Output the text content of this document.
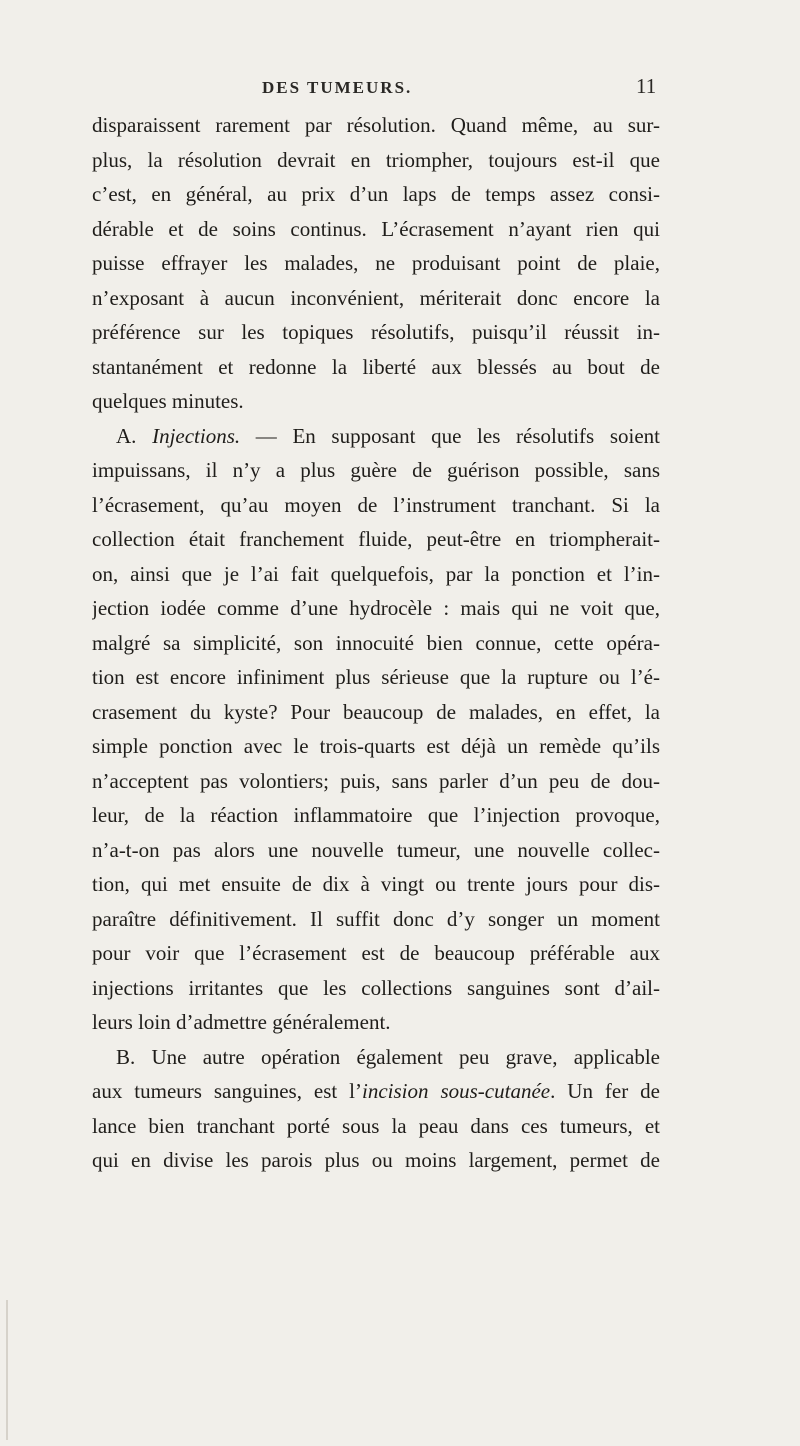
DES TUMEURS.	11
disparaissent rarement par résolution. Quand même, au sur-
plus, la résolution devrait en triompher, toujours est-il que
c’est, en général, au prix d’un laps de temps assez consi-
dérable et de soins continus. L’écrasement n’ayant rien qui
puisse effrayer les malades, ne produisant point de plaie,
n’exposant à aucun inconvénient, mériterait donc encore la
préférence sur les topiques résolutifs, puisqu’il réussit in-
stantanément et redonne la liberté aux blessés au bout de
quelques minutes.
A. Injections. — En supposant que les résolutifs soient
impuissans, il n’y a plus guère de guérison possible, sans
l’écrasement, qu’au moyen de l’instrument tranchant. Si la
collection était franchement fluide, peut-être en triompherait-
on, ainsi que je l’ai fait quelquefois, par la ponction et l’in-
jection iodée comme d’une hydrocèle : mais qui ne voit que,
malgré sa simplicité, son innocuité bien connue, cette opéra-
tion est encore infiniment plus sérieuse que la rupture ou l’é-
crasement du kyste? Pour beaucoup de malades, en effet, la
simple ponction avec le trois-quarts est déjà un remède qu’ils
n’acceptent pas volontiers; puis, sans parler d’un peu de dou-
leur, de la réaction inflammatoire que l’injection provoque,
n’a-t-on pas alors une nouvelle tumeur, une nouvelle collec-
tion, qui met ensuite de dix à vingt ou trente jours pour dis-
paraître définitivement. Il suffit donc d’y songer un moment
pour voir que l’écrasement est de beaucoup préférable aux
injections irritantes que les collections sanguines sont d’ail-
leurs loin d’admettre généralement.
B. Une autre opération également peu grave, applicable
aux tumeurs sanguines, est l’incision sous-cutanée. Un fer de
lance bien tranchant porté sous la peau dans ces tumeurs, et
qui en divise les parois plus ou moins largement, permet de
